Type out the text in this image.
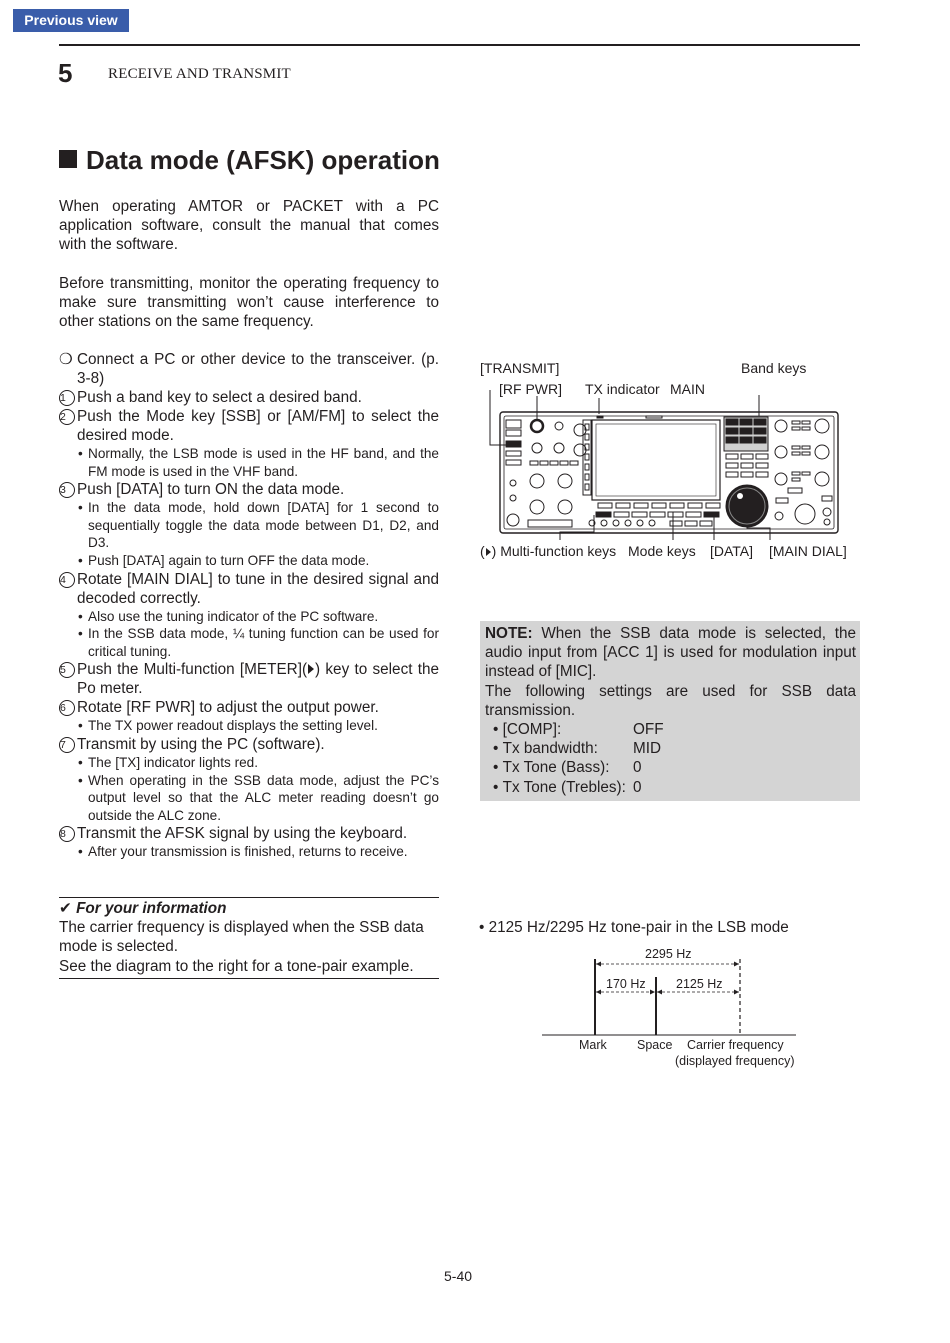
Previous view
5 RECEIVE AND TRANSMIT
Data mode (AFSK) operation

When operating AMTOR or PACKET with a PC application software, consult the manual that comes with the software.

Before transmitting, monitor the operating frequency to make sure transmitting won’t cause interference to other stations on the same frequency.

❍ Connect a PC or other device to the transceiver. (p. 3-8)
1 Push a band key to select a desired band.
2 Push the Mode key [SSB] or [AM/FM] to select the desired mode.
• Normally, the LSB mode is used in the HF band, and the FM mode is used in the VHF band.
3 Push [DATA] to turn ON the data mode.
• In the data mode, hold down [DATA] for 1 second to sequentially toggle the data mode between D1, D2, and D3.
• Push [DATA] again to turn OFF the data mode.
4 Rotate [MAIN DIAL] to tune in the desired signal and decoded correctly.
• Also use the tuning indicator of the PC software.
• In the SSB data mode, ¼ tuning function can be used for critical tuning.
5 Push the Multi-function [METER]( ) key to select the Po meter.
6 Rotate [RF PWR] to adjust the output power.
• The TX power readout displays the setting level.
7 Transmit by using the PC (software).
• The [TX] indicator lights red.
• When operating in the SSB data mode, adjust the PC’s output level so that the ALC meter reading doesn’t go outside the ALC zone.
8 Transmit the AFSK signal by using the keyboard.
• After your transmission is finished, returns to receive.
✔ For your information
The carrier frequency is displayed when the SSB data mode is selected.
See the diagram to the right for a tone-pair example.
[TRANSMIT]
[RF PWR] TX indicator MAIN
Band keys
( ) Multi-function keys Mode keys [DATA] [MAIN DIAL]

NOTE: When the SSB data mode is selected, the audio input from [ACC 1] is used for modulation input instead of [MIC].

The following settings are used for SSB data transmission.

• [COMP]:	OFF
• Tx bandwidth: MID
• Tx Tone (Bass): 0
• Tx Tone (Trebles): 0
• 2125 Hz/2295 Hz tone-pair in the LSB mode
2295 Hz
170 Hz 2125 Hz
Mark Space Carrier frequency
(displayed frequency)
5-40
